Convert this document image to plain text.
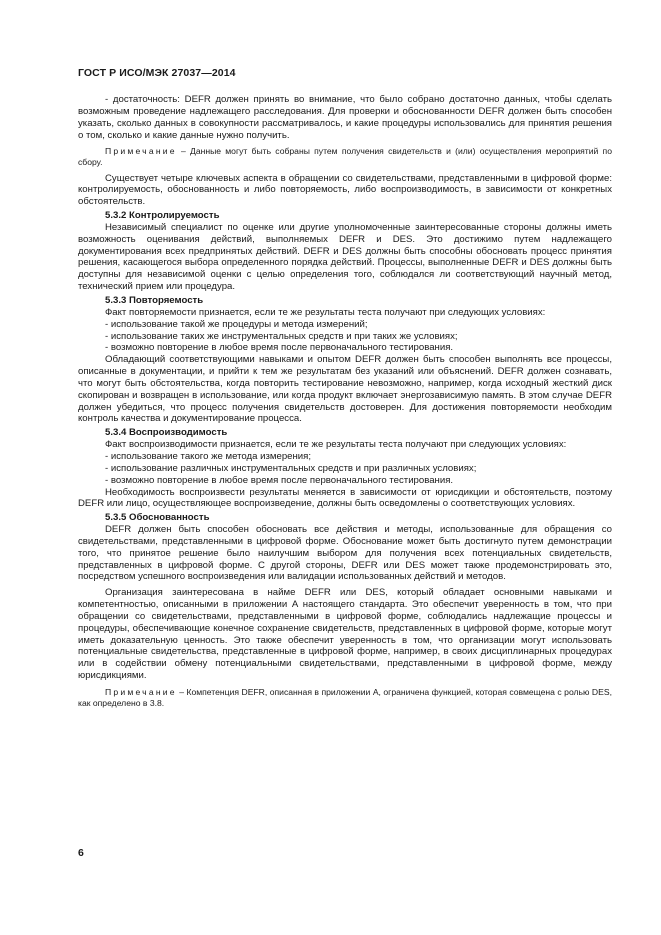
ГОСТ Р ИСО/МЭК 27037—2014

- достаточность: DEFR должен принять во внимание, что было собрано достаточно данных, чтобы сделать возможным проведение надлежащего расследования. Для проверки и обоснованности DEFR должен быть способен указать, сколько данных в совокупности рассматривалось, и какие процедуры использовались для принятия решения о том, сколько и какие данные нужно получить.

Примечание – Данные могут быть собраны путем получения свидетельств и (или) осуществления мероприятий по сбору.

Существует четыре ключевых аспекта в обращении со свидетельствами, представленными в цифровой форме: контролируемость, обоснованность и либо повторяемость, либо воспроизводимость, в зависимости от конкретных обстоятельств.

5.3.2 Контролируемость

Независимый специалист по оценке или другие уполномоченные заинтересованные стороны должны иметь возможность оценивания действий, выполняемых DEFR и DES. Это достижимо путем надлежащего документирования всех предпринятых действий. DEFR и DES должны быть способны обосновать процесс принятия решения, касающегося выбора определенного порядка действий. Процессы, выполненные DEFR и DES должны быть доступны для независимой оценки с целью определения того, соблюдался ли соответствующий научный метод, технический прием или процедура.

5.3.3 Повторяемость

Факт повторяемости признается, если те же результаты теста получают при следующих условиях:

- использование такой же процедуры и метода измерений;

- использование таких же инструментальных средств и при таких же условиях;

- возможно повторение в любое время после первоначального тестирования.

Обладающий соответствующими навыками и опытом DEFR должен быть способен выполнять все процессы, описанные в документации, и прийти к тем же результатам без указаний или объяснений. DEFR должен сознавать, что могут быть обстоятельства, когда повторить тестирование невозможно, например, когда исходный жесткий диск скопирован и возвращен в использование, или когда продукт включает энергозависимую память. В этом случае DEFR должен убедиться, что процесс получения свидетельств достоверен. Для достижения повторяемости необходим контроль качества и документирование процесса.

5.3.4 Воспроизводимость

Факт воспроизводимости признается, если те же результаты теста получают при следующих условиях:

- использование такого же метода измерения;

- использование различных инструментальных средств и при различных условиях;

- возможно повторение в любое время после первоначального тестирования.

Необходимость воспроизвести результаты меняется в зависимости от юрисдикции и обстоятельств, поэтому DEFR или лицо, осуществляющее воспроизведение, должны быть осведомлены о соответствующих условиях.

5.3.5 Обоснованность

DEFR должен быть способен обосновать все действия и методы, использованные для обращения со свидетельствами, представленными в цифровой форме. Обоснование может быть достигнуто путем демонстрации того, что принятое решение было наилучшим выбором для получения всех потенциальных свидетельств, представленных в цифровой форме. С другой стороны, DEFR или DES может также продемонстрировать это, посредством успешного воспроизведения или валидации использованных действий и методов.

Организация заинтересована в найме DEFR или DES, который обладает основными навыками и компетентностью, описанными в приложении А настоящего стандарта. Это обеспечит уверенность в том, что при обращении со свидетельствами, представленными в цифровой форме, соблюдались надлежащие процессы и процедуры, обеспечивающие конечное сохранение свидетельств, представленных в цифровой форме, которые могут иметь доказательную ценность. Это также обеспечит уверенность в том, что организации могут использовать потенциальные свидетельства, представленные в цифровой форме, например, в своих дисциплинарных процедурах или в содействии обмену потенциальными свидетельствами, представленными в цифровой форме, между юрисдикциями.

Примечание – Компетенция DEFR, описанная в приложении А, ограничена функцией, которая совмещена с ролью DES, как определено в 3.8.

6
